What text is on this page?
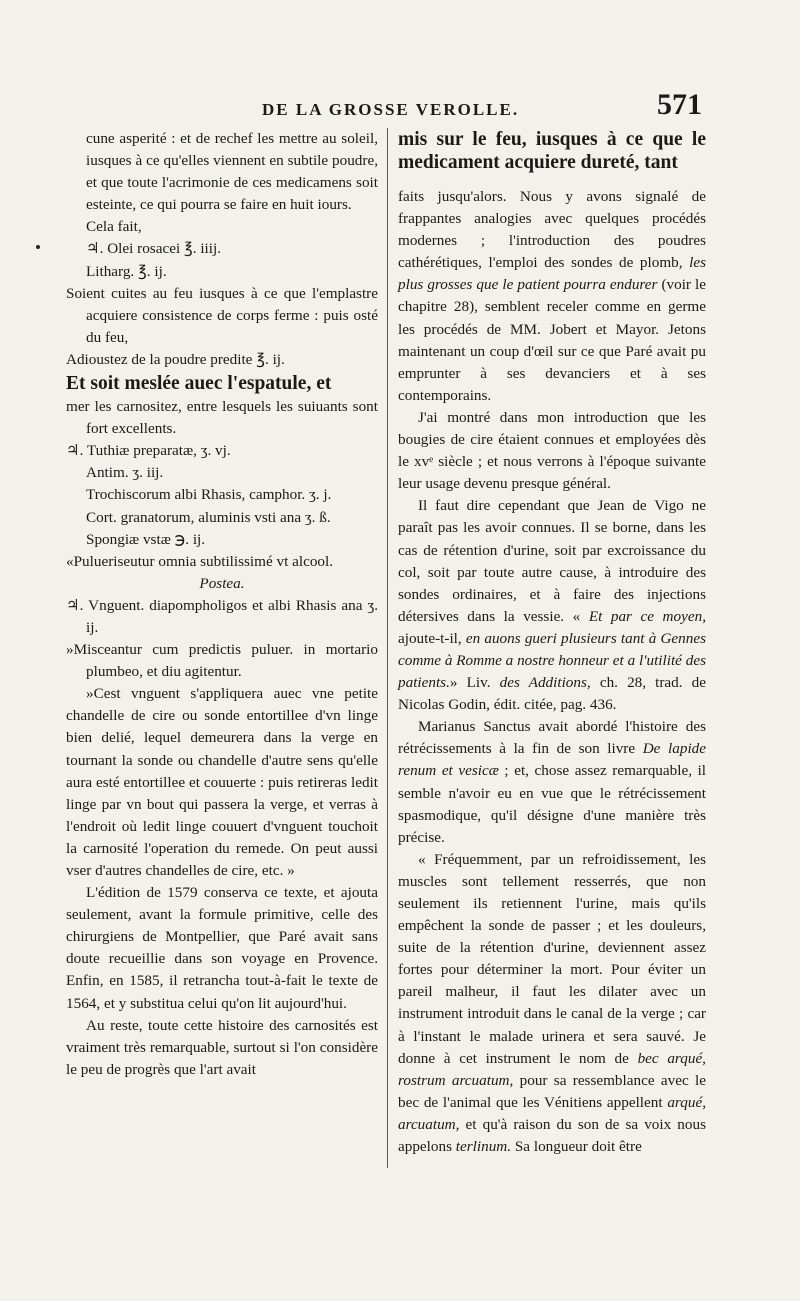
DE LA GROSSE VEROLLE.	571

cune asperité : et de rechef les mettre au soleil, iusques à ce qu'elles viennent en subtile poudre, et que toute l'acrimonie de ces medicamens soit esteinte, ce qui pourra se faire en huit iours.

Cela fait,

♃. Olei rosacei ℥. iiij.

Litharg. ℥. ij.

Soient cuites au feu iusques à ce que l'emplastre acquiere consistence de corps ferme : puis osté du feu,

Adioustez de la poudre predite ℥. ij.

Et soit meslée auec l'espatule, et

mer les carnositez, entre lesquels les suiuants sont fort excellents.

♃. Tuthiæ preparatæ, ʒ. vj.

Antim. ʒ. iij.

Trochiscorum albi Rhasis, camphor. ʒ. j.

Cort. granatorum, aluminis vsti ana ʒ. ß.

Spongiæ vstæ ℈. ij.

«Pulueriseutur omnia subtilissimé vt alcool.

Postea.

♃. Vnguent. diapompholigos et albi Rhasis ana ʒ. ij.

»Misceantur cum predictis puluer. in mortario plumbeo, et diu agitentur.

»Cest vnguent s'appliquera auec vne petite chandelle de cire ou sonde entortillee d'vn linge bien delié, lequel demeurera dans la verge en tournant la sonde ou chandelle d'autre sens qu'elle aura esté entortillee et couuerte : puis retireras ledit linge par vn bout qui passera la verge, et verras à l'endroit où ledit linge couuert d'vnguent touchoit la carnosité l'operation du remede. On peut aussi vser d'autres chandelles de cire, etc. »

L'édition de 1579 conserva ce texte, et ajouta seulement, avant la formule primitive, celle des chirurgiens de Montpellier, que Paré avait sans doute recueillie dans son voyage en Provence. Enfin, en 1585, il retrancha tout-à-fait le texte de 1564, et y substitua celui qu'on lit aujourd'hui.

Au reste, toute cette histoire des carnosités est vraiment très remarquable, surtout si l'on considère le peu de progrès que l'art avait

mis sur le feu, iusques à ce que le medicament acquiere dureté, tant

faits jusqu'alors. Nous y avons signalé de frappantes analogies avec quelques procédés modernes ; l'introduction des poudres cathérétiques, l'emploi des sondes de plomb, les plus grosses que le patient pourra endurer (voir le chapitre 28), semblent receler comme en germe les procédés de MM. Jobert et Mayor. Jetons maintenant un coup d'œil sur ce que Paré avait pu emprunter à ses devanciers et à ses contemporains.

J'ai montré dans mon introduction que les bougies de cire étaient connues et employées dès le xvᵉ siècle ; et nous verrons à l'époque suivante leur usage devenu presque général.

Il faut dire cependant que Jean de Vigo ne paraît pas les avoir connues. Il se borne, dans les cas de rétention d'urine, soit par excroissance du col, soit par toute autre cause, à introduire des sondes ordinaires, et à faire des injections détersives dans la vessie. « Et par ce moyen, ajoute-t-il, en auons gueri plusieurs tant à Gennes comme à Romme a nostre honneur et a l'utilité des patients.» Liv. des Additions, ch. 28, trad. de Nicolas Godin, édit. citée, pag. 436.

Marianus Sanctus avait abordé l'histoire des rétrécissements à la fin de son livre De lapide renum et vesicæ ; et, chose assez remarquable, il semble n'avoir eu en vue que le rétrécissement spasmodique, qu'il désigne d'une manière très précise.

« Fréquemment, par un refroidissement, les muscles sont tellement resserrés, que non seulement ils retiennent l'urine, mais qu'ils empêchent la sonde de passer ; et les douleurs, suite de la rétention d'urine, deviennent assez fortes pour déterminer la mort. Pour éviter un pareil malheur, il faut les dilater avec un instrument introduit dans le canal de la verge ; car à l'instant le malade urinera et sera sauvé. Je donne à cet instrument le nom de bec arqué, rostrum arcuatum, pour sa ressemblance avec le bec de l'animal que les Vénitiens appellent arqué, arcuatum, et qu'à raison du son de sa voix nous appelons terlinum. Sa longueur doit être
